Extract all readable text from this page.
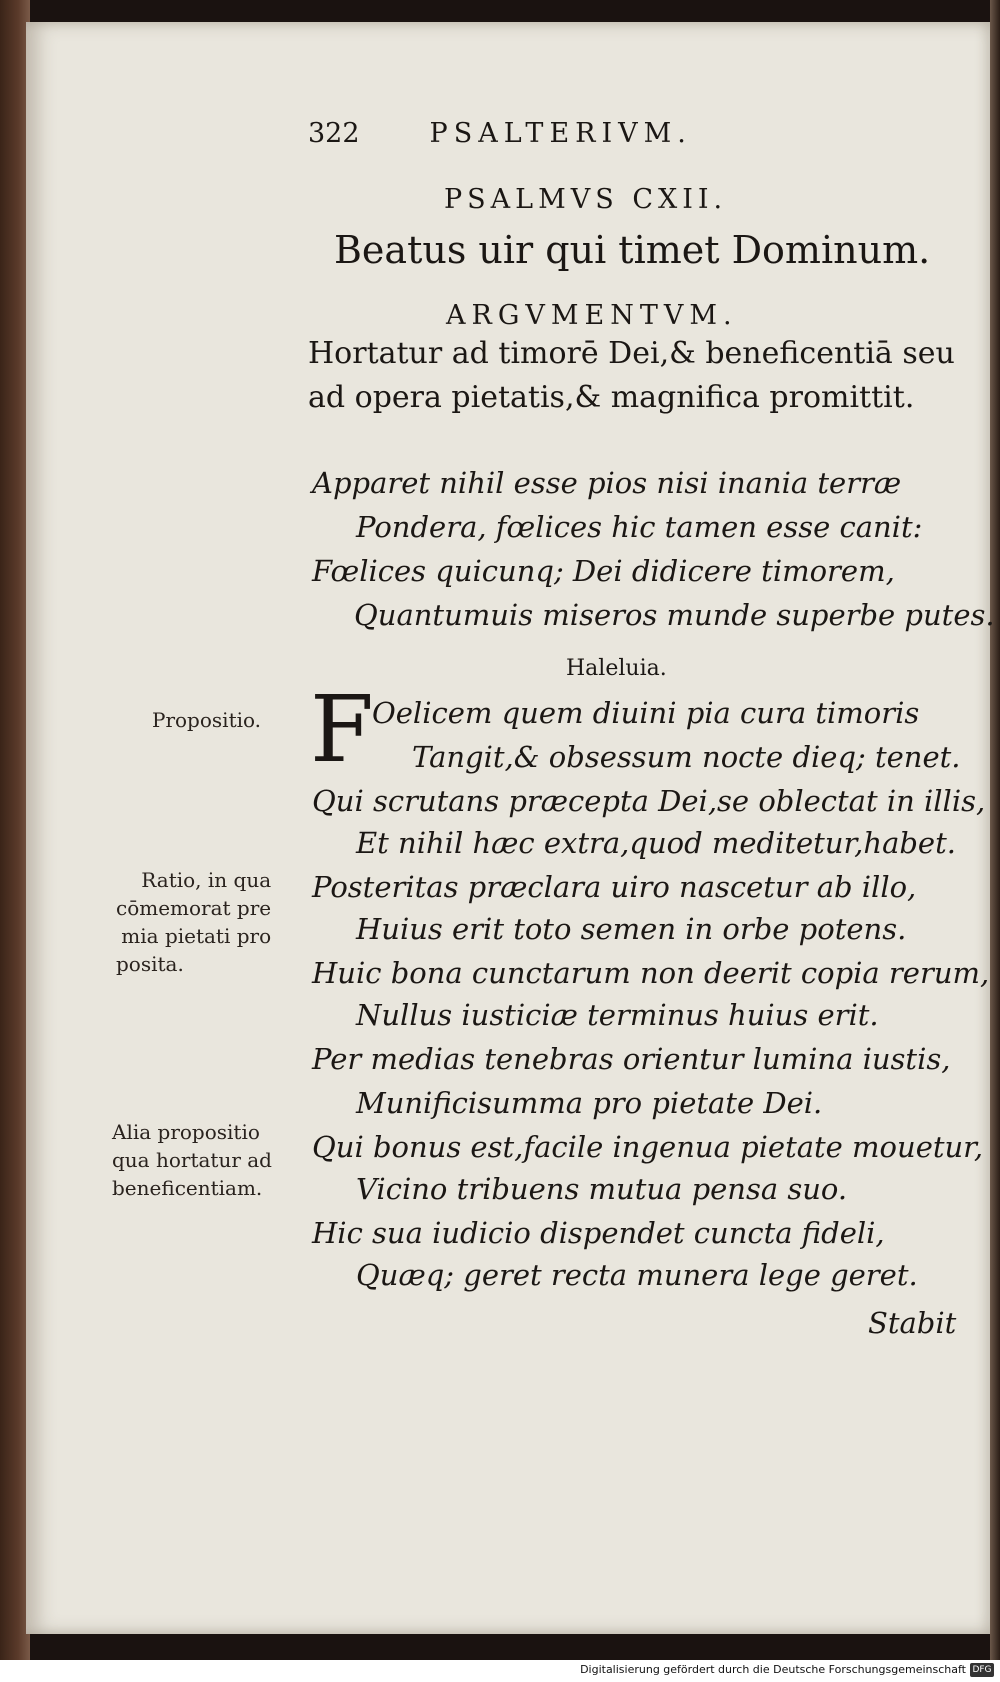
322	PSALTERIVM.
PSALMVS CXII.
Beatus uir qui timet Dominum.
ARGVMENTVM.
Hortatur ad timorē Dei,& beneficentiā seu
ad opera pietatis,& magnifica promittit.
Apparet nihil esse pios nisi inania terræ
Pondera, fœlices hic tamen esse canit:
Fœlices quicunq; Dei didicere timorem,
Quantumuis miseros munde superbe putes.
Haleluia.
F
Oelicem quem diuini pia cura timoris
Tangit,& obsessum nocte dieq; tenet.
Qui scrutans præcepta Dei,se oblectat in illis,
Et nihil hæc extra,quod meditetur,habet.
Posteritas præclara uiro nascetur ab illo,
Huius erit toto semen in orbe potens.
Huic bona cunctarum non deerit copia rerum,
Nullus iusticiæ terminus huius erit.
Per medias tenebras orientur lumina iustis,
Munificisumma pro pietate Dei.
Qui bonus est,facile ingenua pietate mouetur,
Vicino tribuens mutua pensa suo.
Hic sua iudicio dispendet cuncta fideli,
Quæq; geret recta munera lege geret.
Stabit
Propositio.
Ratio, in qua
cōmemorat pre
mia pietati pro
posita.
Alia propositio
qua hortatur ad
beneficentiam.
Digitalisierung gefördert durch die Deutsche Forschungsgemeinschaft DFG
